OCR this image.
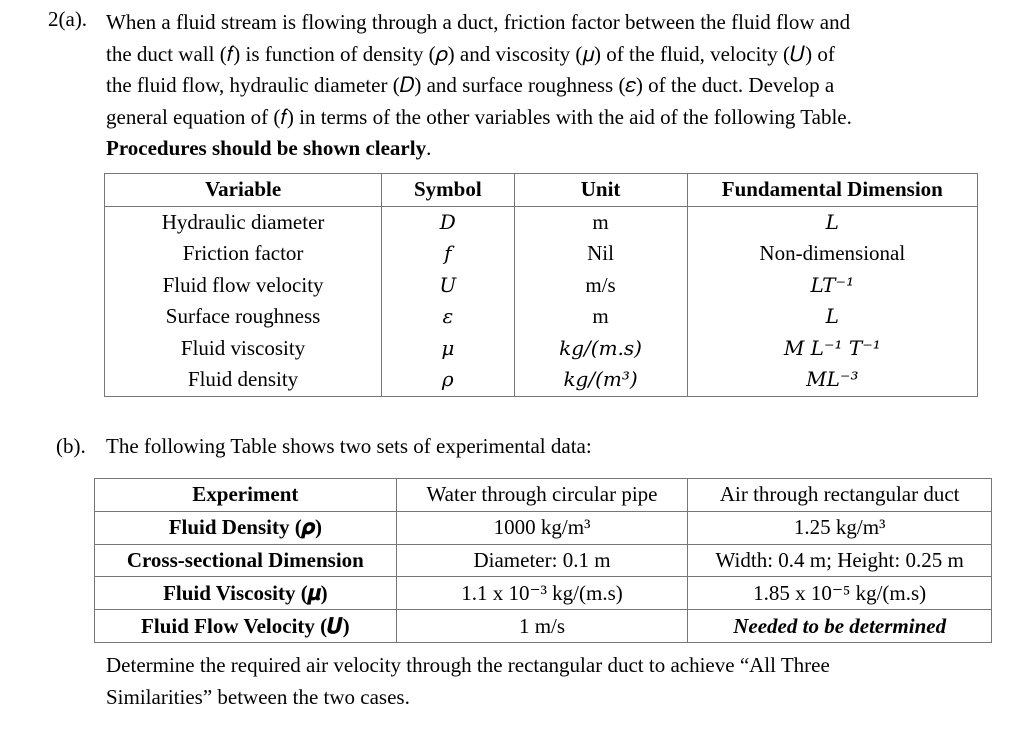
2(a). When a fluid stream is flowing through a duct, friction factor between the fluid flow and
the duct wall (𝑓) is function of density (𝜌) and viscosity (𝜇) of the fluid, velocity (𝑈) of
the fluid flow, hydraulic diameter (𝐷) and surface roughness (𝜀) of the duct. Develop a
general equation of (𝑓) in terms of the other variables with the aid of the following Table.
Procedures should be shown clearly.
Variable	Symbol	Unit	Fundamental Dimension
Hydraulic diameter	D	m	L
Friction factor	f	Nil	Non-dimensional
Fluid flow velocity	U	m/s	LT⁻¹
Surface roughness	ε	m	L
Fluid viscosity	μ	kg/(m.s)	M L⁻¹ T⁻¹
Fluid density	ρ	kg/(m³)	ML⁻³
(b). The following Table shows two sets of experimental data:
Experiment	Water through circular pipe	Air through rectangular duct
Fluid Density (𝝆)	1000 kg/m³	1.25 kg/m³
Cross-sectional Dimension	Diameter: 0.1 m	Width: 0.4 m; Height: 0.25 m
Fluid Viscosity (𝝁)	1.1 x 10⁻³ kg/(m.s)	1.85 x 10⁻⁵ kg/(m.s)
Fluid Flow Velocity (𝑼)	1 m/s	Needed to be determined
Determine the required air velocity through the rectangular duct to achieve “All Three
Similarities” between the two cases.
